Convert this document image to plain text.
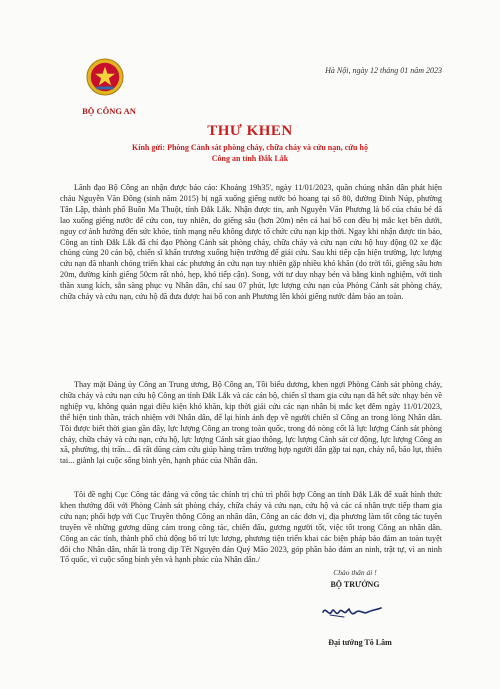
BỘ CÔNG AN
Hà Nội, ngày 12 tháng 01 năm 2023
THƯ KHEN
Kính gửi: Phòng Cảnh sát phòng cháy, chữa cháy và cứu nạn, cứu hộ
Công an tỉnh Đắk Lắk

Lãnh đạo Bộ Công an nhận được báo cáo: Khoảng 19h35', ngày 11/01/2023, quần chúng nhân dân phát hiện cháu Nguyễn Văn Đông (sinh năm 2015) bị ngã xuống giếng nước bỏ hoang tại số 80, đường Đinh Núp, phường Tân Lập, thành phố Buôn Ma Thuột, tỉnh Đắk Lắk. Nhận được tin, anh Nguyễn Văn Phương là bố của cháu bé đã lao xuống giếng nước để cứu con, tuy nhiên, do giếng sâu (hơn 20m) nên cả hai bố con đều bị mắc kẹt bên dưới, nguy cơ ảnh hưởng đến sức khỏe, tính mạng nếu không được tổ chức cứu nạn kịp thời. Ngay khi nhận được tin báo, Công an tỉnh Đắk Lắk đã chỉ đạo Phòng Cảnh sát phòng cháy, chữa cháy và cứu nạn cứu hộ huy động 02 xe đặc chủng cùng 20 cán bộ, chiến sĩ khẩn trương xuống hiện trường để giải cứu. Sau khi tiếp cận hiện trường, lực lượng cứu nạn đã nhanh chóng triển khai các phương án cứu nạn tuy nhiên gặp nhiều khó khăn (do trời tối, giếng sâu hơn 20m, đường kính giếng 50cm rất nhỏ, hẹp, khó tiếp cận). Song, với tư duy nhạy bén và bằng kinh nghiệm, với tinh thần xung kích, sẵn sàng phục vụ Nhân dân, chỉ sau 07 phút, lực lượng cứu nạn của Phòng Cảnh sát phòng cháy, chữa cháy và cứu nạn, cứu hộ đã đưa được hai bố con anh Phương lên khỏi giếng nước đảm bảo an toàn.

Thay mặt Đảng ủy Công an Trung ương, Bộ Công an, Tôi biểu dương, khen ngợi Phòng Cảnh sát phòng cháy, chữa cháy và cứu nạn cứu hộ Công an tỉnh Đắk Lắk và các cán bộ, chiến sĩ tham gia cứu nạn đã hết sức nhạy bén về nghiệp vụ, không quản ngại điều kiện khó khăn, kịp thời giải cứu các nạn nhân bị mắc kẹt đêm ngày 11/01/2023, thể hiện tinh thần, trách nhiệm với Nhân dân, để lại hình ảnh đẹp về người chiến sĩ Công an trong lòng Nhân dân. Tôi được biết thời gian gần đây, lực lượng Công an trong toàn quốc, trong đó nòng cốt là lực lượng Cảnh sát phòng cháy, chữa cháy và cứu nạn, cứu hộ, lực lượng Cảnh sát giao thông, lực lượng Cảnh sát cơ động, lực lượng Công an xã, phường, thị trấn... đã rất dũng cảm cứu giúp hàng trăm trường hợp người dân gặp tai nạn, cháy nổ, bão lụt, thiên tai... giành lại cuộc sống bình yên, hạnh phúc của Nhân dân.

Tôi đề nghị Cục Công tác đảng và công tác chính trị chủ trì phối hợp Công an tỉnh Đắk Lắk để xuất hình thức khen thưởng đối với Phòng Cảnh sát phòng cháy, chữa cháy và cứu nạn, cứu hộ và các cá nhân trực tiếp tham gia cứu nạn; phối hợp với Cục Truyền thông Công an nhân dân, Công an các đơn vị, địa phương làm tốt công tác tuyên truyền về những gương dũng cảm trong công tác, chiến đấu, gương người tốt, việc tốt trong Công an nhân dân. Công an các tỉnh, thành phố chủ động bố trí lực lượng, phương tiện triển khai các biện pháp bảo đảm an toàn tuyệt đối cho Nhân dân, nhất là trong dịp Tết Nguyên đán Quý Mão 2023, góp phần bảo đảm an ninh, trật tự, vì an ninh Tổ quốc, vì cuộc sống bình yên và hạnh phúc của Nhân dân./

Chào thân ái !
BỘ TRƯỞNG
Đại tướng Tô Lâm
